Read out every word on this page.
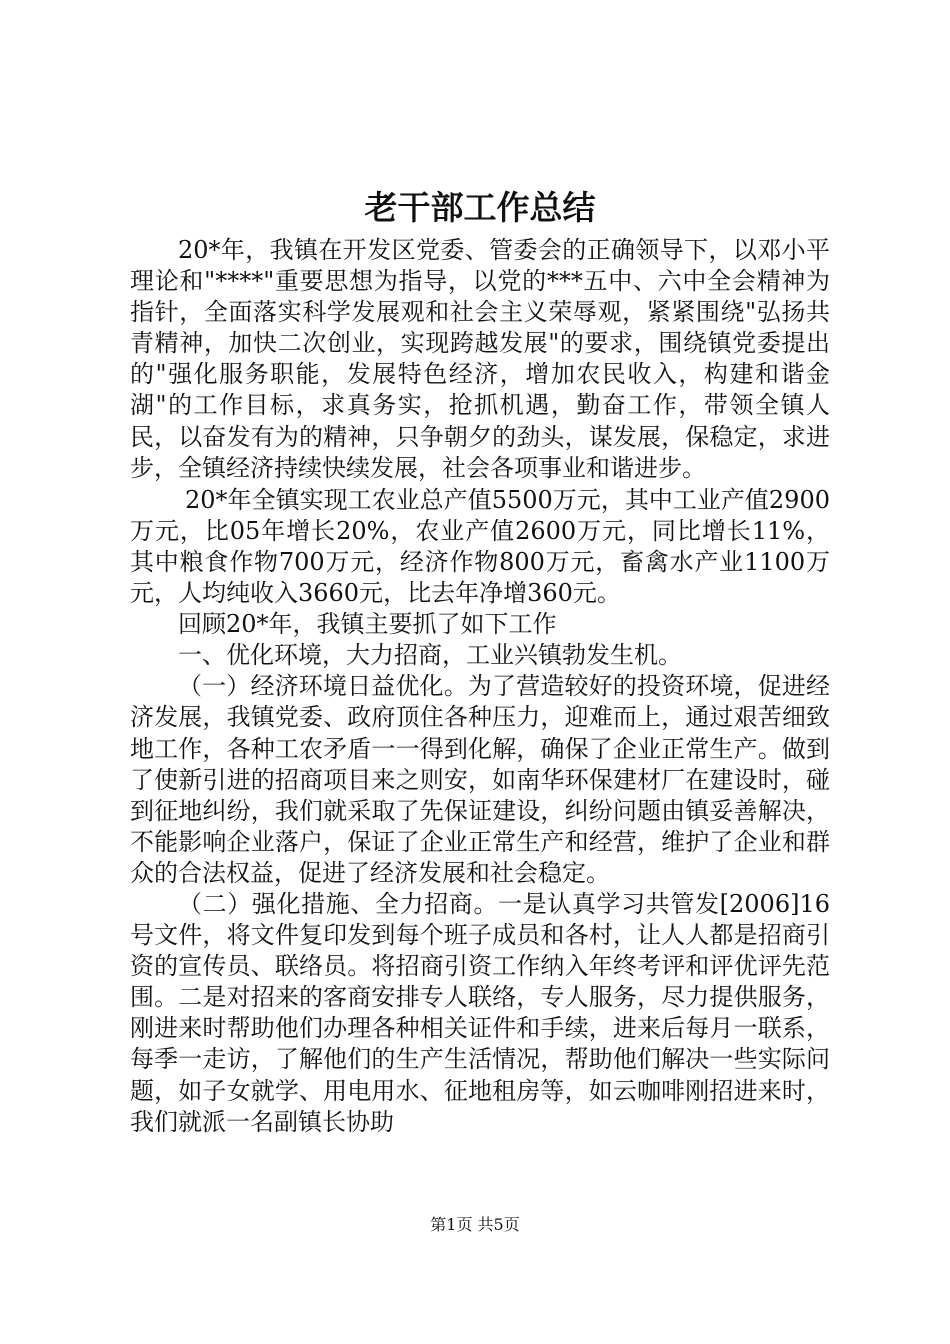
老干部工作总结

20*年，我镇在开发区党委、管委会的正确领导下，以邓小平理论和"****"重要思想为指导，以党的***五中、六中全会精神为指针，全面落实科学发展观和社会主义荣辱观，紧紧围绕"弘扬共青精神，加快二次创业，实现跨越发展"的要求，围绕镇党委提出的"强化服务职能，发展特色经济，增加农民收入，构建和谐金湖"的工作目标，求真务实，抢抓机遇，勤奋工作，带领全镇人民，以奋发有为的精神，只争朝夕的劲头，谋发展，保稳定，求进步，全镇经济持续快续发展，社会各项事业和谐进步。

20*年全镇实现工农业总产值5500万元，其中工业产值2900万元，比05年增长20%，农业产值2600万元，同比增长11%，其中粮食作物700万元，经济作物800万元，畜禽水产业1100万元，人均纯收入3660元，比去年净增360元。

回顾20*年，我镇主要抓了如下工作

一、优化环境，大力招商，工业兴镇勃发生机。

（一）经济环境日益优化。为了营造较好的投资环境，促进经济发展，我镇党委、政府顶住各种压力，迎难而上，通过艰苦细致地工作，各种工农矛盾一一得到化解，确保了企业正常生产。做到了使新引进的招商项目来之则安，如南华环保建材厂在建设时，碰到征地纠纷，我们就采取了先保证建设，纠纷问题由镇妥善解决，不能影响企业落户，保证了企业正常生产和经营，维护了企业和群众的合法权益，促进了经济发展和社会稳定。

（二）强化措施、全力招商。一是认真学习共管发[2006]16号文件，将文件复印发到每个班子成员和各村，让人人都是招商引资的宣传员、联络员。将招商引资工作纳入年终考评和评优评先范围。二是对招来的客商安排专人联络，专人服务，尽力提供服务，刚进来时帮助他们办理各种相关证件和手续，进来后每月一联系，每季一走访，了解他们的生产生活情况，帮助他们解决一些实际问题，如子女就学、用电用水、征地租房等，如云咖啡刚招进来时，我们就派一名副镇长协助

第1页 共5页
